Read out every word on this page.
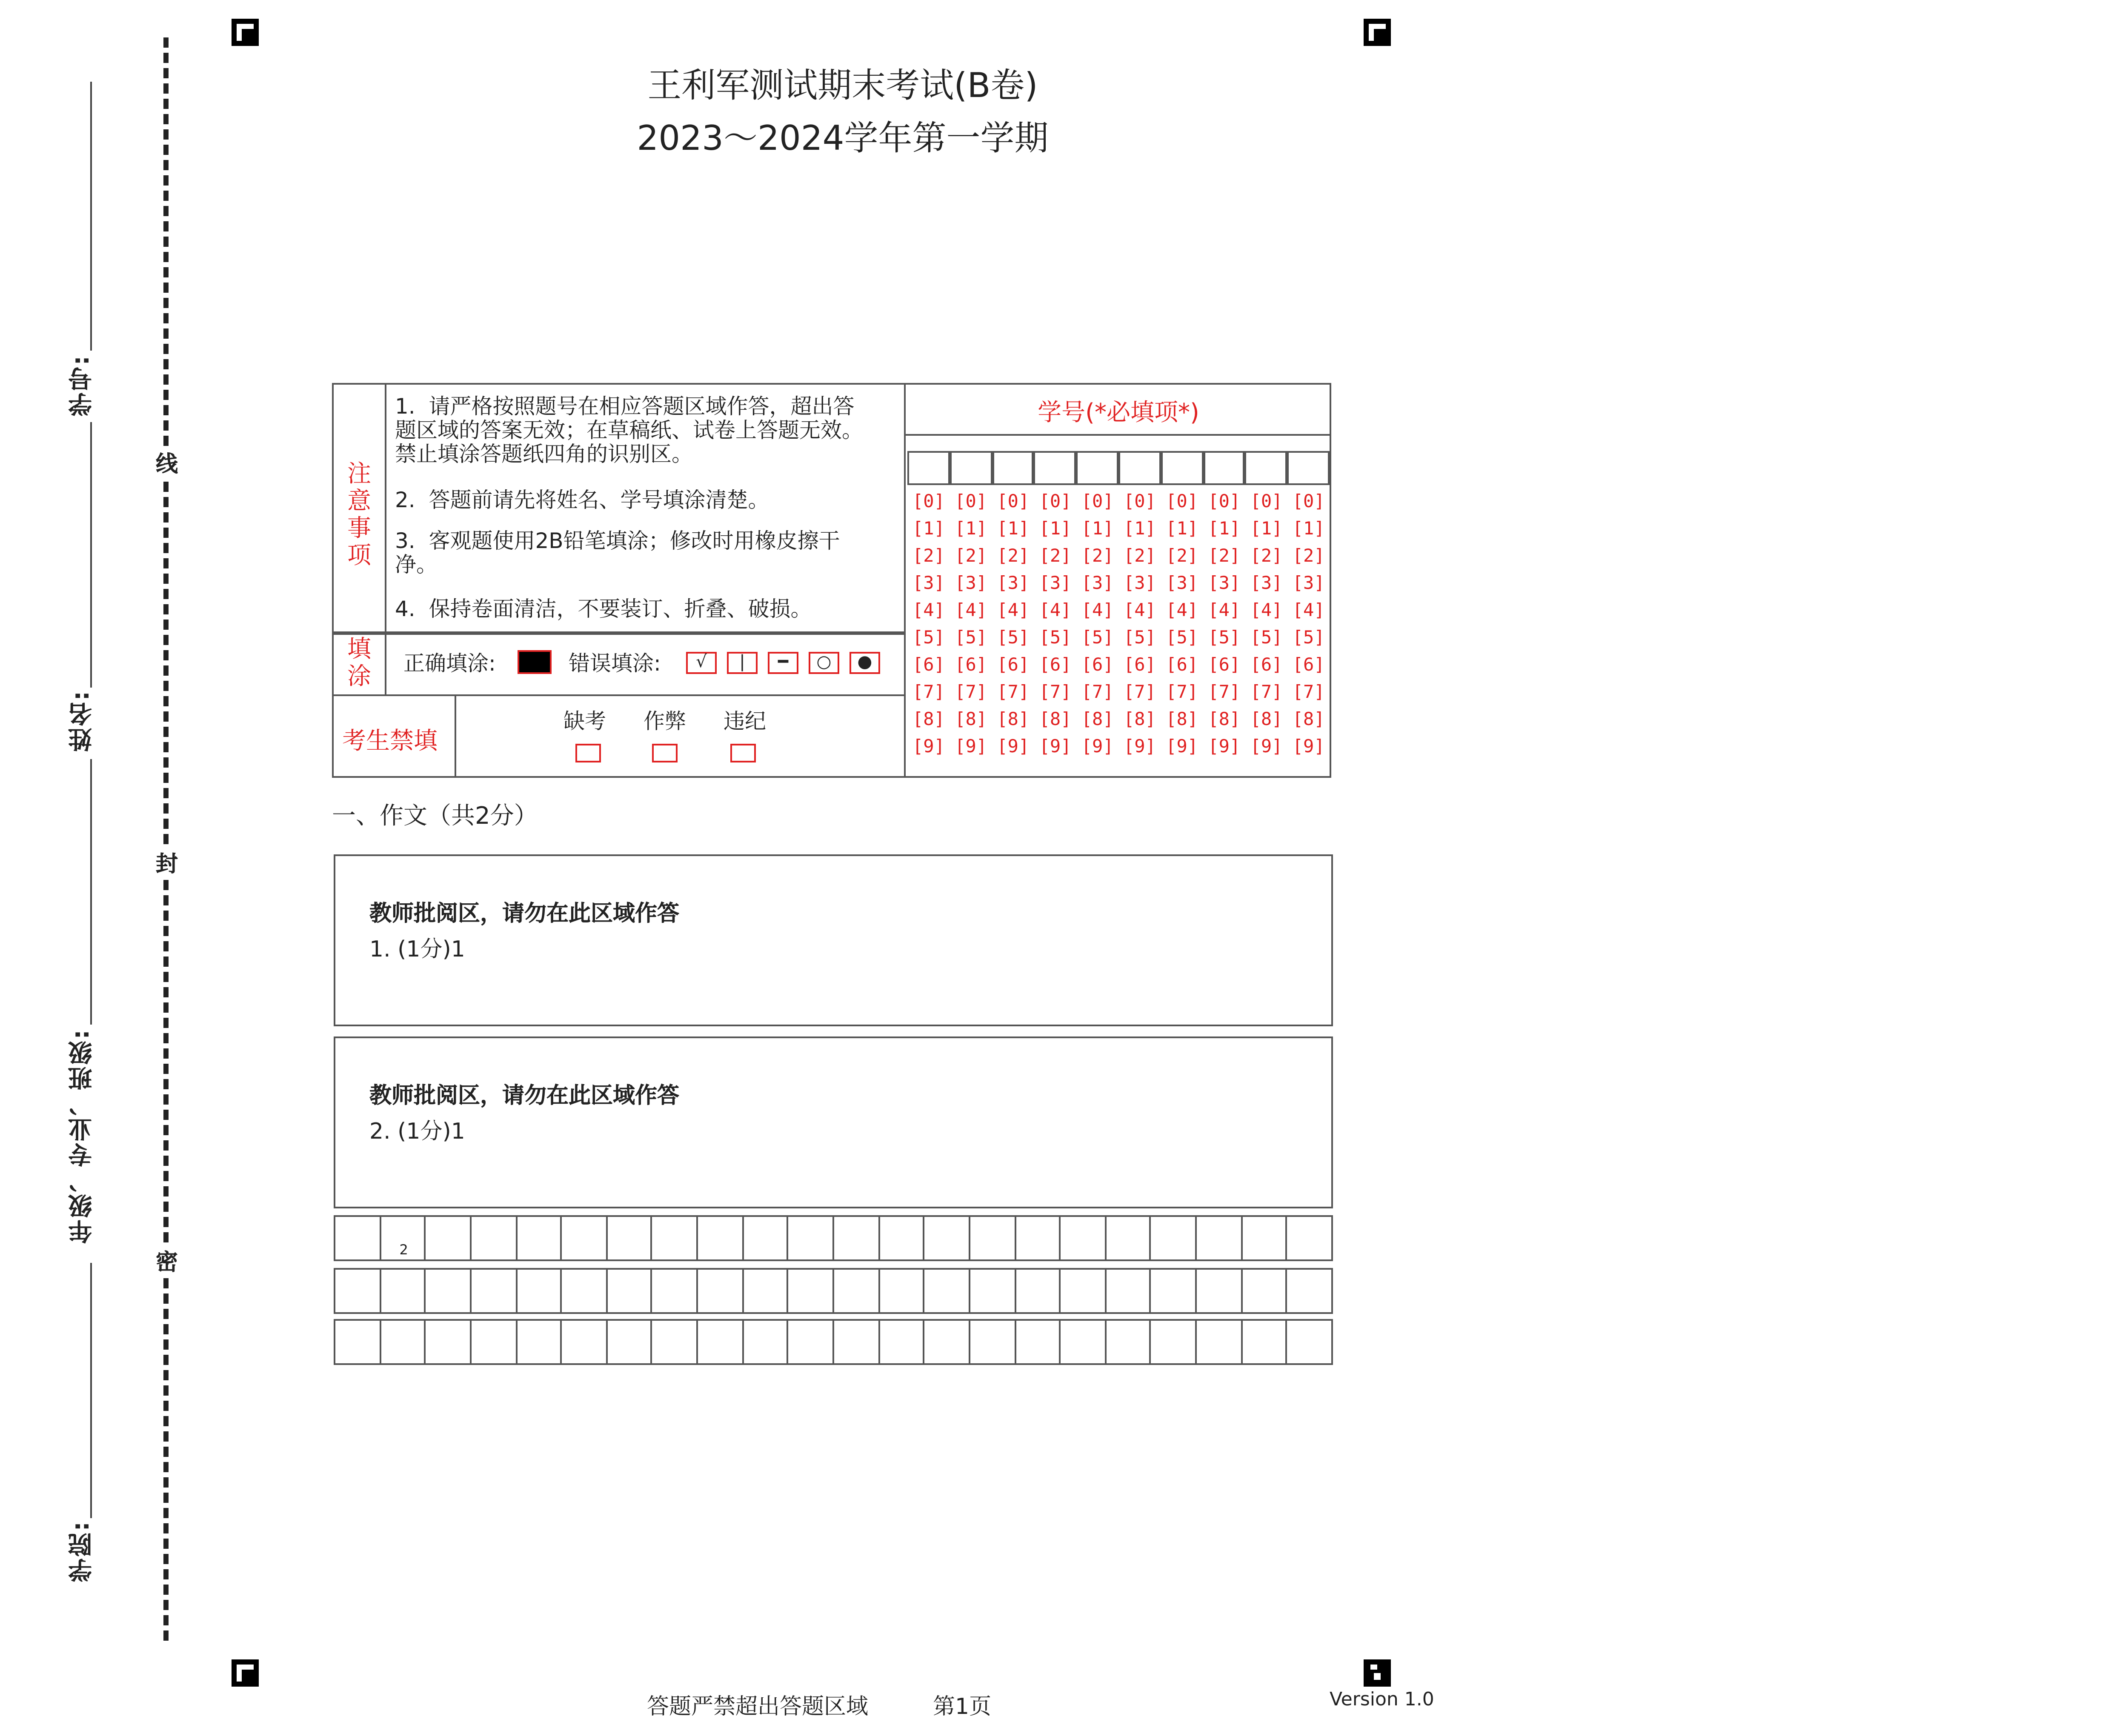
学号:
姓名:
年级、专业、班级:
学院:
线
封
密
王利军测试期末考试(B卷)
2023～2024学年第一学期
注意事项
1.  请严格按照题号在相应答题区域作答，超出答题区域的答案无效；在草稿纸、试卷上答题无效。禁止填涂答题纸四角的识别区。
2.  答题前请先将姓名、学号填涂清楚。
3.  客观题使用2B铅笔填涂；修改时用橡皮擦干净。
4.  保持卷面清洁，不要装订、折叠、破损。
填涂
正确填涂:	错误填涂:	√	|	━	○	●
考生禁填
缺考	作弊	违纪
学号(*必填项*)
[0] [0] [0] [0] [0] [0] [0] [0] [0] [0]
[1] [1] [1] [1] [1] [1] [1] [1] [1] [1]
[2] [2] [2] [2] [2] [2] [2] [2] [2] [2]
[3] [3] [3] [3] [3] [3] [3] [3] [3] [3]
[4] [4] [4] [4] [4] [4] [4] [4] [4] [4]
[5] [5] [5] [5] [5] [5] [5] [5] [5] [5]
[6] [6] [6] [6] [6] [6] [6] [6] [6] [6]
[7] [7] [7] [7] [7] [7] [7] [7] [7] [7]
[8] [8] [8] [8] [8] [8] [8] [8] [8] [8]
[9] [9] [9] [9] [9] [9] [9] [9] [9] [9]
一、作文（共2分）
教师批阅区，请勿在此区域作答
1. (1分)1
教师批阅区，请勿在此区域作答
2. (1分)1
2
答题严禁超出答题区域	第1页	Version 1.0
